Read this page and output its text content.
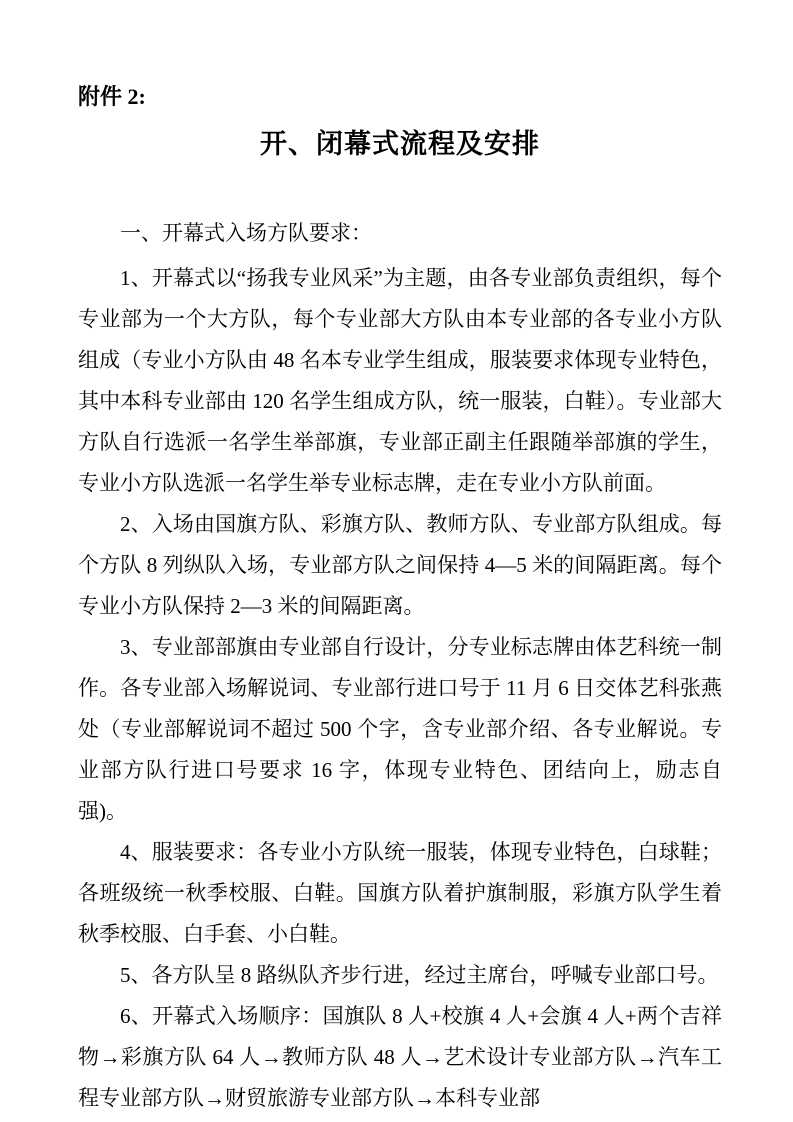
附件 2:
开、闭幕式流程及安排
一、开幕式入场方队要求：

1、开幕式以“扬我专业风采”为主题，由各专业部负责组织，每个专业部为一个大方队，每个专业部大方队由本专业部的各专业小方队组成（专业小方队由 48 名本专业学生组成，服装要求体现专业特色，其中本科专业部由 120 名学生组成方队，统一服装，白鞋）。专业部大方队自行选派一名学生举部旗，专业部正副主任跟随举部旗的学生，专业小方队选派一名学生举专业标志牌，走在专业小方队前面。

2、入场由国旗方队、彩旗方队、教师方队、专业部方队组成。每个方队 8 列纵队入场，专业部方队之间保持 4—5 米的间隔距离。每个专业小方队保持 2—3 米的间隔距离。

3、专业部部旗由专业部自行设计，分专业标志牌由体艺科统一制作。各专业部入场解说词、专业部行进口号于 11 月 6 日交体艺科张燕处（专业部解说词不超过 500 个字，含专业部介绍、各专业解说。专业部方队行进口号要求 16 字，体现专业特色、团结向上，励志自强)。

4、服装要求：各专业小方队统一服装，体现专业特色，白球鞋；各班级统一秋季校服、白鞋。国旗方队着护旗制服，彩旗方队学生着秋季校服、白手套、小白鞋。

5、各方队呈 8 路纵队齐步行进，经过主席台，呼喊专业部口号。

6、开幕式入场顺序：国旗队 8 人+校旗 4 人+会旗 4 人+两个吉祥物→彩旗方队 64 人→教师方队 48 人→艺术设计专业部方队→汽车工程专业部方队→财贸旅游专业部方队→本科专业部
